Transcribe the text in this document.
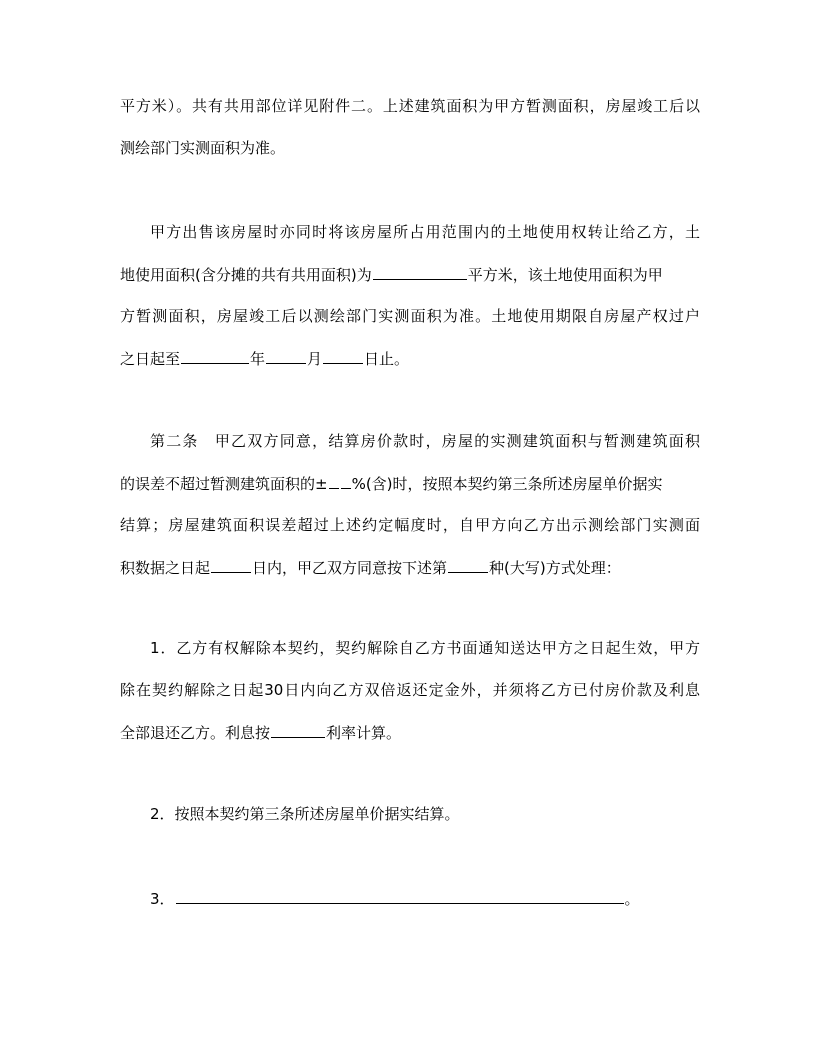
平方米）。共有共用部位详见附件二。上述建筑面积为甲方暂测面积，房屋竣工后以
测绘部门实测面积为准。
甲方出售该房屋时亦同时将该房屋所占用范围内的土地使用权转让给乙方，土
地使用面积(含分摊的共有共用面积)为	平方米，该土地使用面积为甲
方暂测面积，房屋竣工后以测绘部门实测面积为准。土地使用期限自房屋产权过户
之日起至	年	月	日止。
第二条　甲乙双方同意，结算房价款时，房屋的实测建筑面积与暂测建筑面积
的误差不超过暂测建筑面积的± %(含)时，按照本契约第三条所述房屋单价据实
结算；房屋建筑面积误差超过上述约定幅度时，自甲方向乙方出示测绘部门实测面
积数据之日起	日内，甲乙双方同意按下述第	种(大写)方式处理：
1．乙方有权解除本契约，契约解除自乙方书面通知送达甲方之日起生效，甲方
除在契约解除之日起30日内向乙方双倍返还定金外，并须将乙方已付房价款及利息
全部退还乙方。利息按	利率计算。
2．按照本契约第三条所述房屋单价据实结算。
3．	。
